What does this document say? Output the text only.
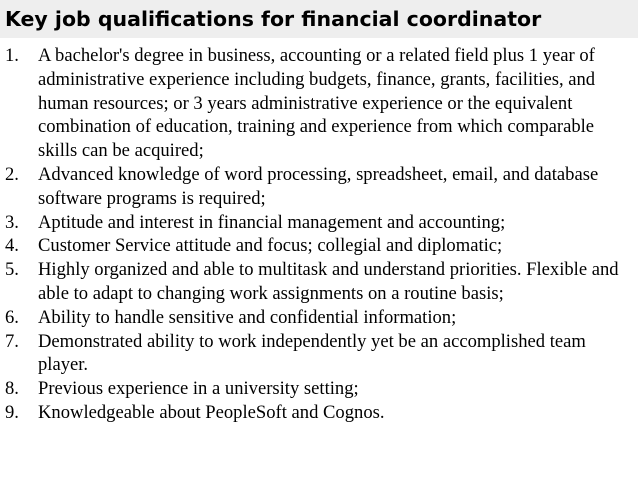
Key job qualifications for financial coordinator
1. A bachelor's degree in business, accounting or a related field plus 1 year of administrative experience including budgets, finance, grants, facilities, and human resources; or 3 years administrative experience or the equivalent combination of education, training and experience from which comparable skills can be acquired;
2. Advanced knowledge of word processing, spreadsheet, email, and database software programs is required;
3. Aptitude and interest in financial management and accounting;
4. Customer Service attitude and focus; collegial and diplomatic;
5. Highly organized and able to multitask and understand priorities. Flexible and able to adapt to changing work assignments on a routine basis;
6. Ability to handle sensitive and confidential information;
7. Demonstrated ability to work independently yet be an accomplished team player.
8. Previous experience in a university setting;
9. Knowledgeable about PeopleSoft and Cognos.
